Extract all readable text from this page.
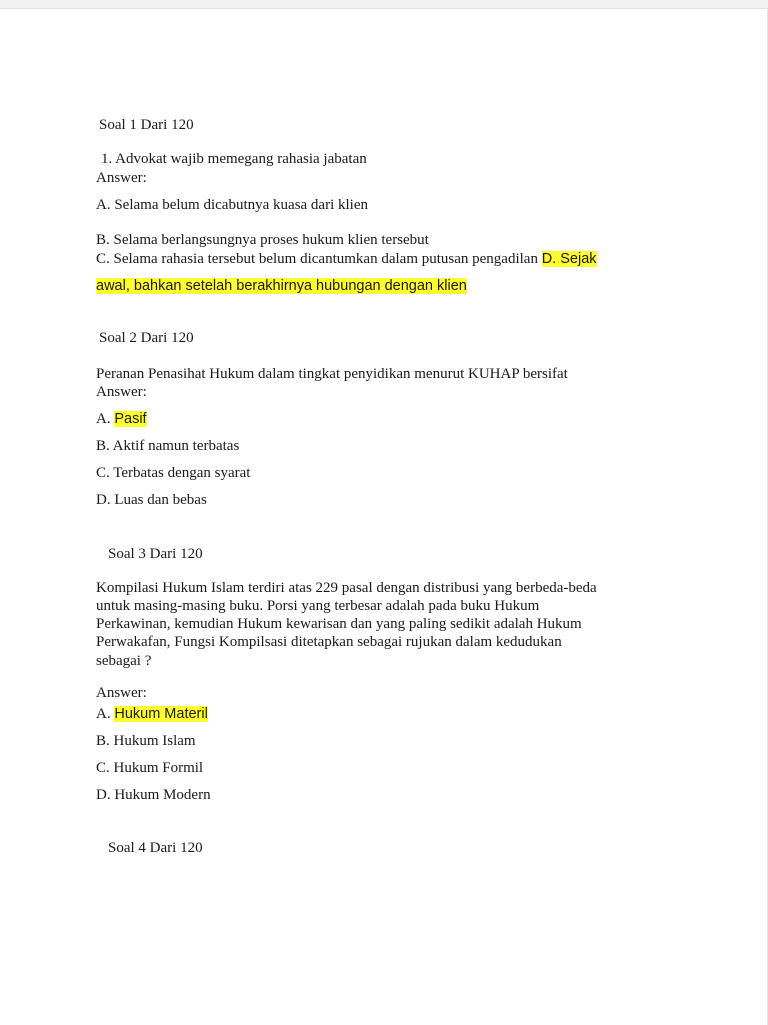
Soal 1 Dari 120
1. Advokat wajib memegang rahasia jabatan
Answer:
A. Selama belum dicabutnya kuasa dari klien
B. Selama berlangsungnya proses hukum klien tersebut
C. Selama rahasia tersebut belum dicantumkan dalam putusan pengadilan D. Sejak
awal, bahkan setelah berakhirnya hubungan dengan klien
Soal 2 Dari 120
Peranan Penasihat Hukum dalam tingkat penyidikan menurut KUHAP bersifat
Answer:
A. Pasif
B. Aktif namun terbatas
C. Terbatas dengan syarat
D. Luas dan bebas
Soal 3 Dari 120
Kompilasi Hukum Islam terdiri atas 229 pasal dengan distribusi yang berbeda-beda
untuk masing-masing buku. Porsi yang terbesar adalah pada buku Hukum
Perkawinan, kemudian Hukum kewarisan dan yang paling sedikit adalah Hukum
Perwakafan, Fungsi Kompilsasi ditetapkan sebagai rujukan dalam kedudukan
sebagai ?
Answer:
A. Hukum Materil
B. Hukum Islam
C. Hukum Formil
D. Hukum Modern
Soal 4 Dari 120
